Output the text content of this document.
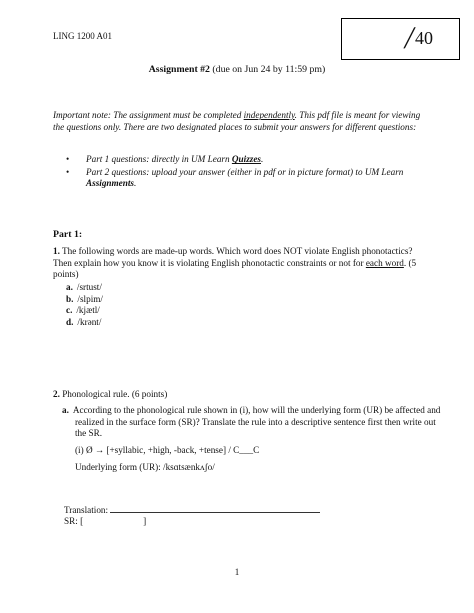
LING 1200 A01	╱40
Assignment #2 (due on Jun 24 by 11:59 pm)
Important note: The assignment must be completed independently. This pdf file is meant for viewing the questions only. There are two designated places to submit your answers for different questions:
• Part 1 questions: directly in UM Learn Quizzes.
• Part 2 questions: upload your answer (either in pdf or in picture format) to UM Learn Assignments.
Part 1:
1. The following words are made-up words. Which word does NOT violate English phonotactics? Then explain how you know it is violating English phonotactic constraints or not for each word. (5 points)
a. /srtust/
b. /slpim/
c. /kjætl/
d. /krənt/
2. Phonological rule. (6 points)
a. According to the phonological rule shown in (i), how will the underlying form (UR) be affected and realized in the surface form (SR)? Translate the rule into a descriptive sentence first then write out the SR.
(i) Ø → [+syllabic, +high, -back, +tense] / C___C
Underlying form (UR): /ksɑtsænkʌʃo/
Translation:
SR: [	]
1
